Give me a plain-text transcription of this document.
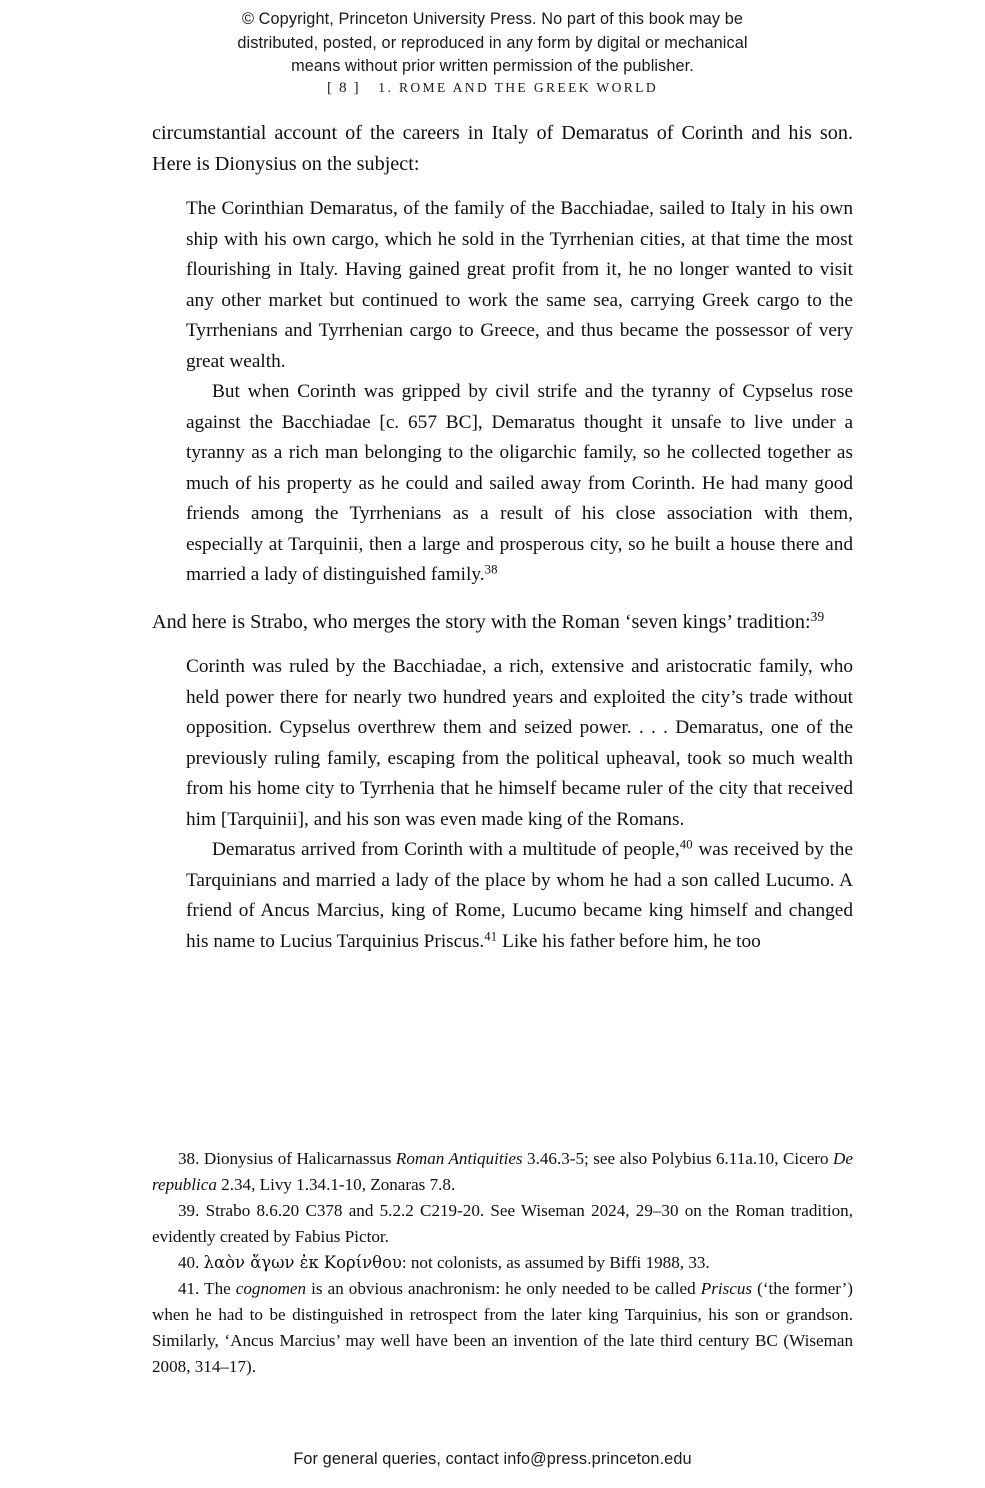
© Copyright, Princeton University Press. No part of this book may be
distributed, posted, or reproduced in any form by digital or mechanical
means without prior written permission of the publisher.
[ 8 ] 1. ROME AND THE GREEK WORLD

circumstantial account of the careers in Italy of Demaratus of Corinth and his son. Here is Dionysius on the subject:

The Corinthian Demaratus, of the family of the Bacchiadae, sailed to Italy in his own ship with his own cargo, which he sold in the Tyrrhenian cities, at that time the most flourishing in Italy. Having gained great profit from it, he no longer wanted to visit any other market but continued to work the same sea, carrying Greek cargo to the Tyrrhenians and Tyrrhenian cargo to Greece, and thus became the possessor of very great wealth.

But when Corinth was gripped by civil strife and the tyranny of Cypselus rose against the Bacchiadae [c. 657 BC], Demaratus thought it unsafe to live under a tyranny as a rich man belonging to the oligarchic family, so he collected together as much of his property as he could and sailed away from Corinth. He had many good friends among the Tyrrhenians as a result of his close association with them, especially at Tarquinii, then a large and prosperous city, so he built a house there and married a lady of distinguished family.$^{38}$

And here is Strabo, who merges the story with the Roman ‘seven kings’ tradition:$^{39}$

Corinth was ruled by the Bacchiadae, a rich, extensive and aristocratic family, who held power there for nearly two hundred years and exploited the city’s trade without opposition. Cypselus overthrew them and seized power. . . . Demaratus, one of the previously ruling family, escaping from the political upheaval, took so much wealth from his home city to Tyrrhenia that he himself became ruler of the city that received him [Tarquinii], and his son was even made king of the Romans.

Demaratus arrived from Corinth with a multitude of people,$^{40}$ was received by the Tarquinians and married a lady of the place by whom he had a son called Lucumo. A friend of Ancus Marcius, king of Rome, Lucumo became king himself and changed his name to Lucius Tarquinius Priscus.$^{41}$ Like his father before him, he too

38. Dionysius of Halicarnassus Roman Antiquities 3.46.3-5; see also Polybius 6.11a.10, Cicero De republica 2.34, Livy 1.34.1-10, Zonaras 7.8.

39. Strabo 8.6.20 C378 and 5.2.2 C219-20. See Wiseman 2024, 29–30 on the Roman tradition, evidently created by Fabius Pictor.

40. λαὸν ἄγων ἐκ Κορίνθου: not colonists, as assumed by Biffi 1988, 33.

41. The cognomen is an obvious anachronism: he only needed to be called Priscus (‘the former’) when he had to be distinguished in retrospect from the later king Tarquinius, his son or grandson. Similarly, ‘Ancus Marcius’ may well have been an invention of the late third century BC (Wiseman 2008, 314–17).

For general queries, contact info@press.princeton.edu
